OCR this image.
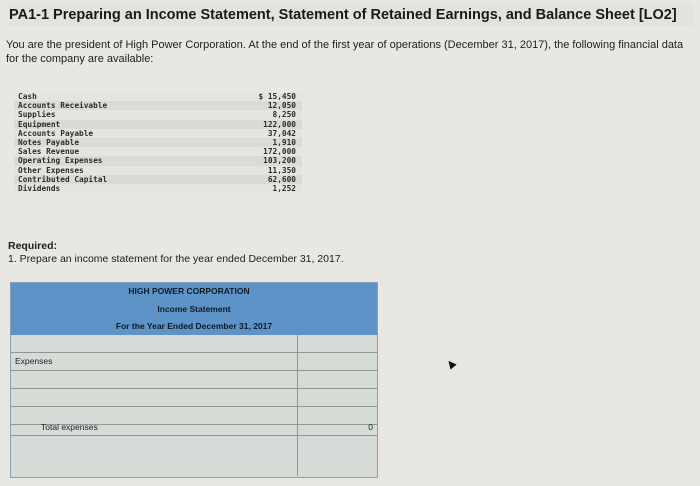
PA1-1 Preparing an Income Statement, Statement of Retained Earnings, and Balance Sheet [LO2]
You are the president of High Power Corporation. At the end of the first year of operations (December 31, 2017), the following financial data for the company are available:
Cash	$ 15,450
Accounts Receivable	12,050
Supplies	8,250
Equipment	122,000
Accounts Payable	37,042
Notes Payable	1,910
Sales Revenue	172,000
Operating Expenses	103,200
Other Expenses	11,350
Contributed Capital	62,600
Dividends	1,252
Required:
1. Prepare an income statement for the year ended December 31, 2017.
HIGH POWER CORPORATION
Income Statement
For the Year Ended December 31, 2017
Expenses
Total expenses	0
